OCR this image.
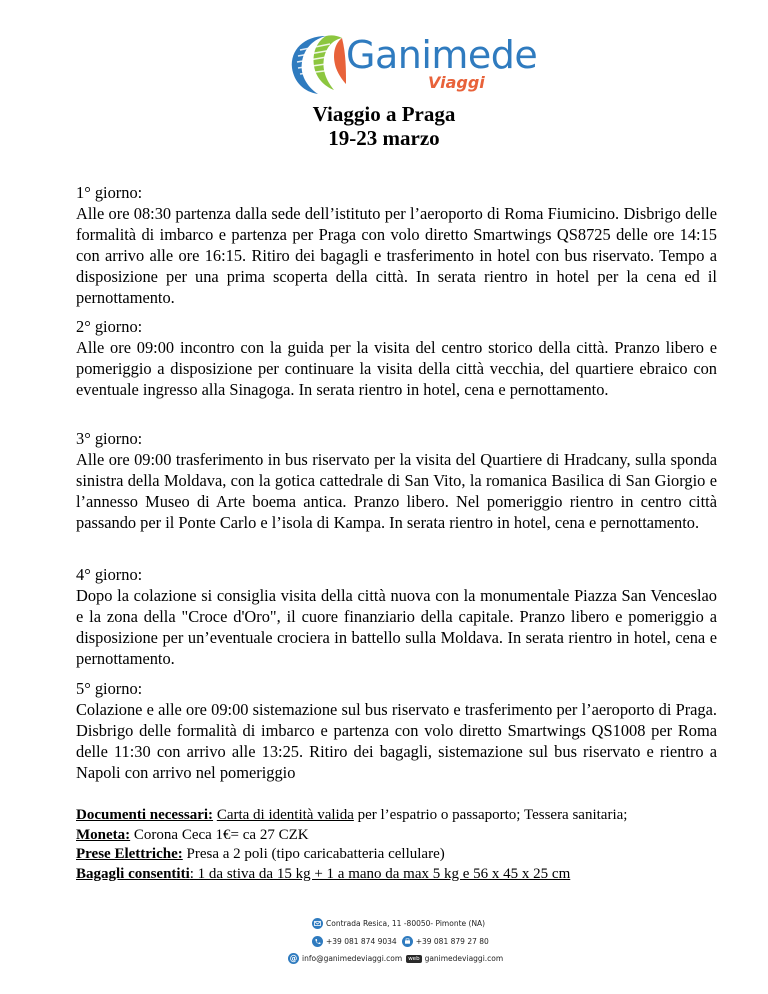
Ganimede
Viaggi
Viaggio a Praga
19-23 marzo
1° giorno:
Alle ore 08:30 partenza dalla sede dell’istituto per l’aeroporto di Roma Fiumicino. Disbrigo delle formalità di imbarco e partenza per Praga con volo diretto Smartwings QS8725 delle ore 14:15 con arrivo alle ore 16:15. Ritiro dei bagagli e trasferimento in hotel con bus riservato. Tempo a disposizione per una prima scoperta della città. In serata rientro in hotel per la cena ed il pernottamento.
2° giorno:
Alle ore 09:00 incontro con la guida per la visita del centro storico della città. Pranzo libero e pomeriggio a disposizione per continuare la visita della città vecchia, del quartiere ebraico con eventuale ingresso alla Sinagoga. In serata rientro in hotel, cena e pernottamento.
3° giorno:
Alle ore 09:00 trasferimento in bus riservato per la visita del Quartiere di Hradcany, sulla sponda sinistra della Moldava, con la gotica cattedrale di San Vito, la romanica Basilica di San Giorgio e l’annesso Museo di Arte boema antica. Pranzo libero. Nel pomeriggio rientro in centro città passando per il Ponte Carlo e l’isola di Kampa. In serata rientro in hotel, cena e pernottamento.
4° giorno:
Dopo la colazione si consiglia visita della città nuova con la monumentale Piazza San Venceslao e la zona della "Croce d'Oro", il cuore finanziario della capitale. Pranzo libero e pomeriggio a disposizione per un’eventuale crociera in battello sulla Moldava. In serata rientro in hotel, cena e pernottamento.
5° giorno:
Colazione e alle ore 09:00 sistemazione sul bus riservato e trasferimento per l’aeroporto di Praga. Disbrigo delle formalità di imbarco e partenza con volo diretto Smartwings QS1008 per Roma delle 11:30 con arrivo alle 13:25. Ritiro dei bagagli, sistemazione sul bus riservato e rientro a Napoli con arrivo nel pomeriggio
Documenti necessari: Carta di identità valida per l’espatrio o passaporto; Tessera sanitaria;
Moneta: Corona Ceca 1€= ca 27 CZK
Prese Elettriche: Presa a 2 poli (tipo caricabatteria cellulare)
Bagagli consentiti: 1 da stiva da 15 kg + 1 a mano da max 5 kg e 56 x 45 x 25 cm
Contrada Resica, 11 -80050- Pimonte (NA)
+39 081 874 9034	+39 081 879 27 80
@ info@ganimedeviaggi.com	web ganimedeviaggi.com
